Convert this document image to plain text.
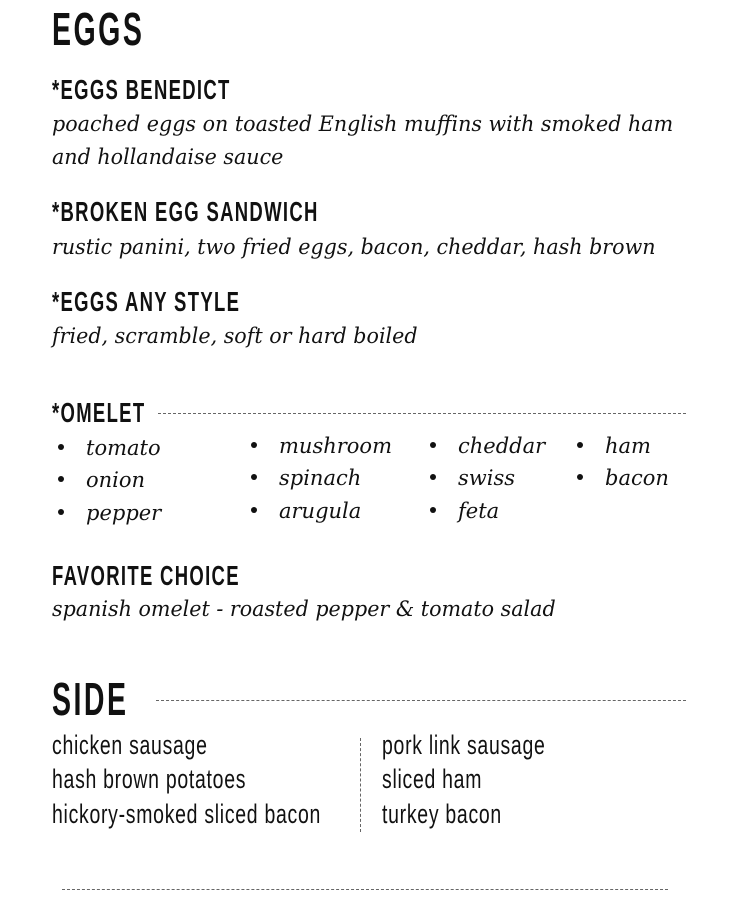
EGGS
*EGGS BENEDICT
poached eggs on toasted English muffins with smoked ham
and hollandaise sauce
*BROKEN EGG SANDWICH
rustic panini, two fried eggs, bacon, cheddar, hash brown
*EGGS ANY STYLE
fried, scramble, soft or hard boiled
*OMELET
tomato
onion
pepper
mushroom
spinach
arugula
cheddar
swiss
feta
ham
bacon
FAVORITE CHOICE
spanish omelet - roasted pepper & tomato salad
SIDE
chicken sausage
hash brown potatoes
hickory-smoked sliced bacon
pork link sausage
sliced ham
turkey bacon
